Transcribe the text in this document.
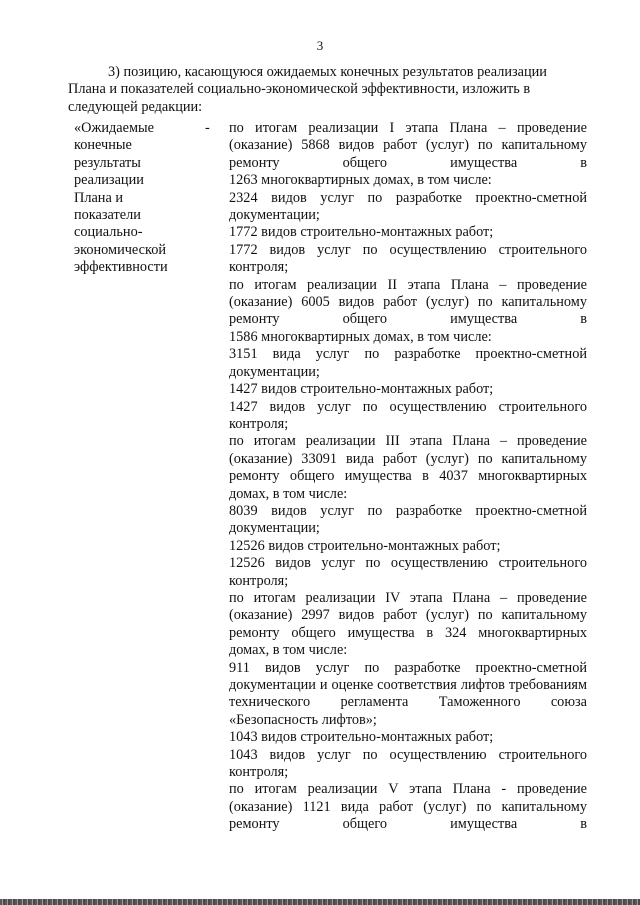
3
3) позицию, касающуюся ожидаемых конечных результатов реализации
Плана и показателей социально-экономической эффективности, изложить в
следующей редакции:
«Ожидаемые
конечные
результаты
реализации
Плана и
показатели
социально-
экономической
эффективности
- по итогам реализации I этапа Плана – проведение (оказание) 5868 видов работ (услуг) по капитальному ремонту общего имущества в
1263 многоквартирных домах, в том числе:
2324 видов услуг по разработке проектно-сметной документации;
1772 видов строительно-монтажных работ;
1772 видов услуг по осуществлению строительного контроля;
по итогам реализации II этапа Плана – проведение (оказание) 6005 видов работ (услуг) по капитальному ремонту общего имущества в
1586 многоквартирных домах, в том числе:
3151 вида услуг по разработке проектно-сметной документации;
1427 видов строительно-монтажных работ;
1427 видов услуг по осуществлению строительного контроля;
по итогам реализации III этапа Плана – проведение (оказание) 33091 вида работ (услуг) по капитальному ремонту общего имущества в 4037 многоквартирных домах, в том числе:
8039 видов услуг по разработке проектно-сметной документации;
12526 видов строительно-монтажных работ;
12526 видов услуг по осуществлению строительного контроля;
по итогам реализации IV этапа Плана – проведение (оказание) 2997 видов работ (услуг) по капитальному ремонту общего имущества в 324 многоквартирных домах, в том числе:
911 видов услуг по разработке проектно-сметной документации и оценке соответствия лифтов требованиям технического регламента Таможенного союза «Безопасность лифтов»;
1043 видов строительно-монтажных работ;
1043 видов услуг по осуществлению строительного контроля;
по итогам реализации V этапа Плана - проведение (оказание) 1121 вида работ (услуг) по капитальному ремонту общего имущества в
